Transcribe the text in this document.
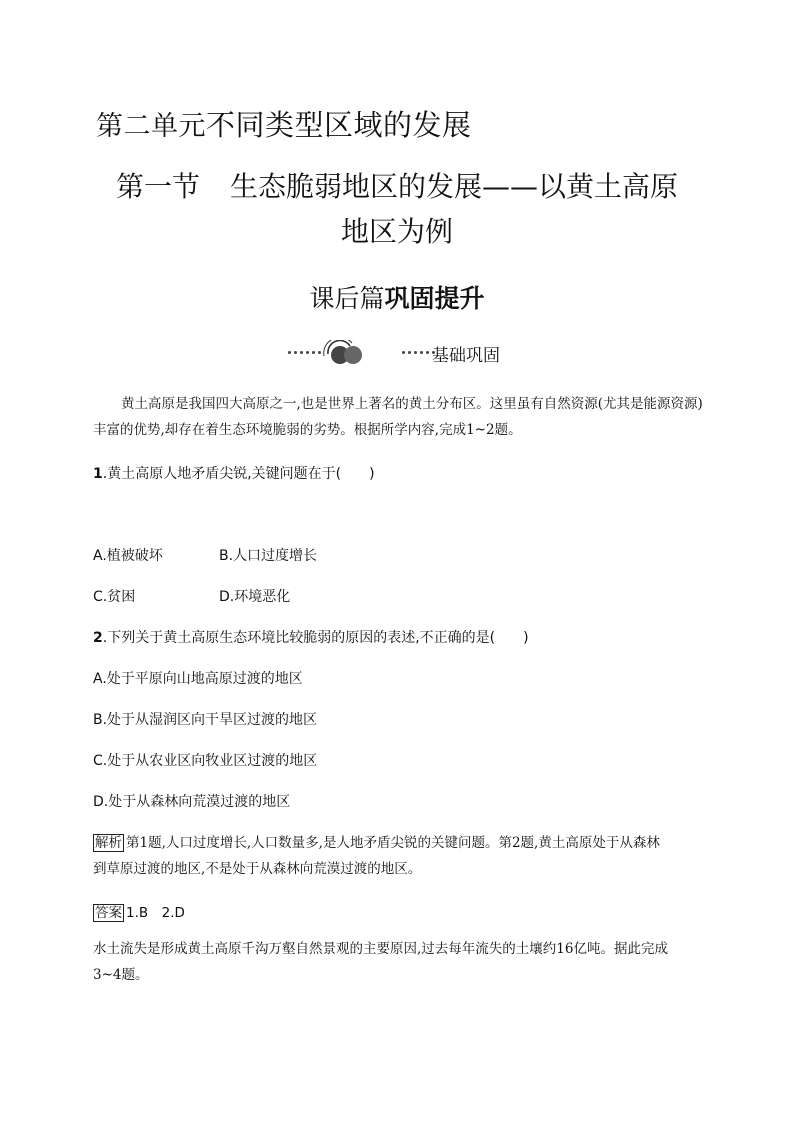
第二单元不同类型区域的发展
第一节 生态脆弱地区的发展——以黄土高原
地区为例
课后篇巩固提升
基础巩固
黄土高原是我国四大高原之一,也是世界上著名的黄土分布区。这里虽有自然资源(尤其是能源资源)丰富的优势,却存在着生态环境脆弱的劣势。根据所学内容,完成1~2题。
1.黄土高原人地矛盾尖锐,关键问题在于(　　)
A.植被破坏	B.人口过度增长
C.贫困	D.环境恶化
2.下列关于黄土高原生态环境比较脆弱的原因的表述,不正确的是(　　)
A.处于平原向山地高原过渡的地区
B.处于从湿润区向干旱区过渡的地区
C.处于从农业区向牧业区过渡的地区
D.处于从森林向荒漠过渡的地区
解析 第1题,人口过度增长,人口数量多,是人地矛盾尖锐的关键问题。第2题,黄土高原处于从森林
到草原过渡的地区,不是处于从森林向荒漠过渡的地区。
答案 1.B　2.D
水土流失是形成黄土高原千沟万壑自然景观的主要原因,过去每年流失的土壤约16亿吨。据此完成
3~4题。
